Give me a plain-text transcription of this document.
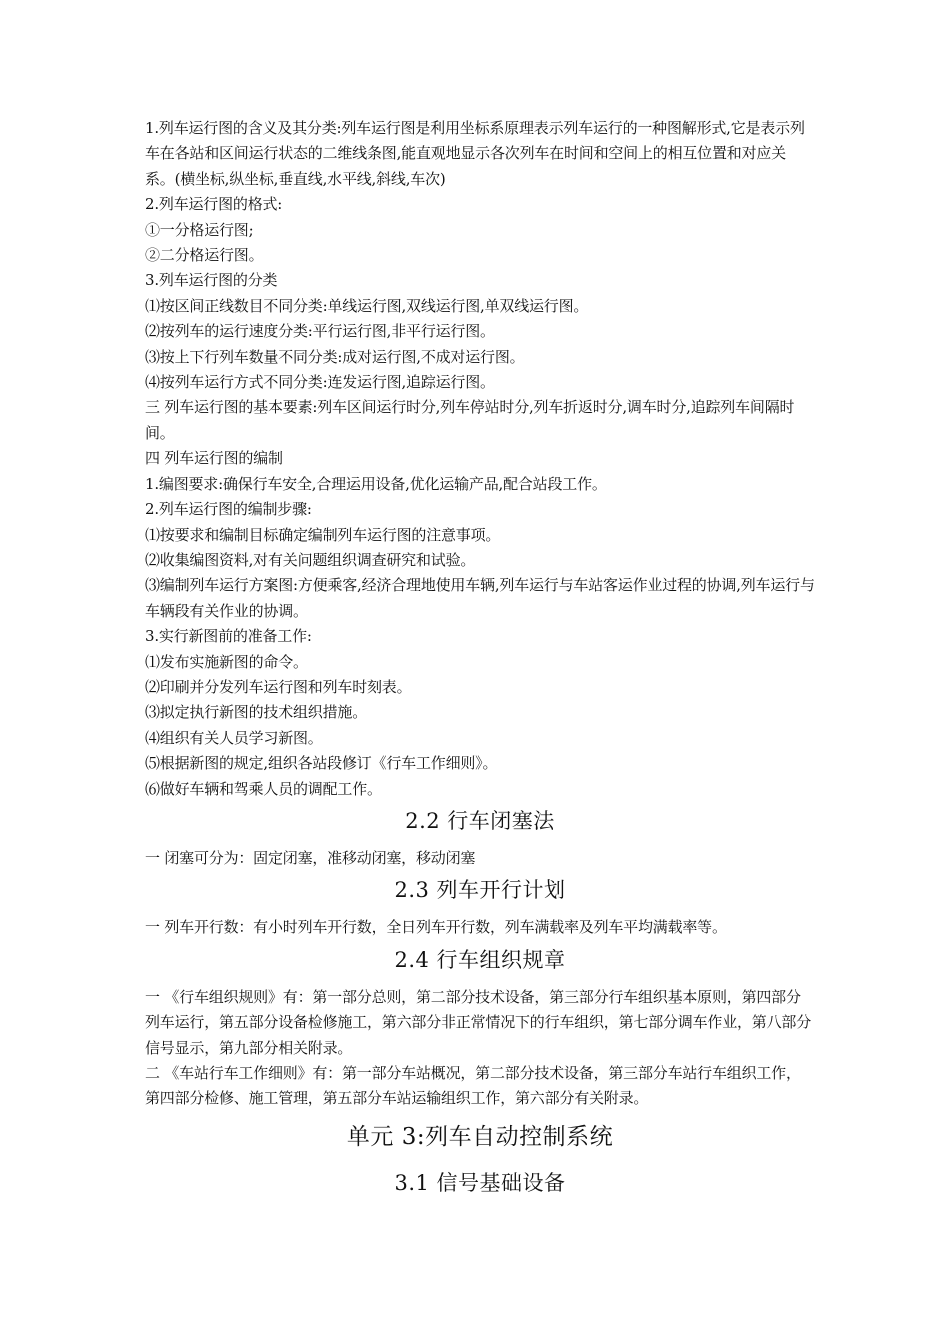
1.列车运行图的含义及其分类:列车运行图是利用坐标系原理表示列车运行的一种图解形式,它是表示列车在各站和区间运行状态的二维线条图,能直观地显示各次列车在时间和空间上的相互位置和对应关系。(横坐标,纵坐标,垂直线,水平线,斜线,车次)

2.列车运行图的格式:

①一分格运行图;

②二分格运行图。

3.列车运行图的分类

⑴按区间正线数目不同分类:单线运行图,双线运行图,单双线运行图。

⑵按列车的运行速度分类:平行运行图,非平行运行图。

⑶按上下行列车数量不同分类:成对运行图,不成对运行图。

⑷按列车运行方式不同分类:连发运行图,追踪运行图。

三 列车运行图的基本要素:列车区间运行时分,列车停站时分,列车折返时分,调车时分,追踪列车间隔时间。

四 列车运行图的编制

1.编图要求:确保行车安全,合理运用设备,优化运输产品,配合站段工作。

2.列车运行图的编制步骤:

⑴按要求和编制目标确定编制列车运行图的注意事项。

⑵收集编图资料,对有关问题组织调查研究和试验。

⑶编制列车运行方案图:方便乘客,经济合理地使用车辆,列车运行与车站客运作业过程的协调,列车运行与车辆段有关作业的协调。

3.实行新图前的准备工作:

⑴发布实施新图的命令。

⑵印刷并分发列车运行图和列车时刻表。

⑶拟定执行新图的技术组织措施。

⑷组织有关人员学习新图。

⑸根据新图的规定,组织各站段修订《行车工作细则》。

⑹做好车辆和驾乘人员的调配工作。

2.2 行车闭塞法

一 闭塞可分为：固定闭塞，准移动闭塞，移动闭塞

2.3 列车开行计划

一 列车开行数：有小时列车开行数，全日列车开行数，列车满载率及列车平均满载率等。

2.4 行车组织规章

一 《行车组织规则》有：第一部分总则，第二部分技术设备，第三部分行车组织基本原则，第四部分列车运行，第五部分设备检修施工，第六部分非正常情况下的行车组织，第七部分调车作业，第八部分信号显示，第九部分相关附录。

二 《车站行车工作细则》有：第一部分车站概况，第二部分技术设备，第三部分车站行车组织工作，第四部分检修、施工管理，第五部分车站运输组织工作，第六部分有关附录。

单元 3:列车自动控制系统
3.1 信号基础设备
